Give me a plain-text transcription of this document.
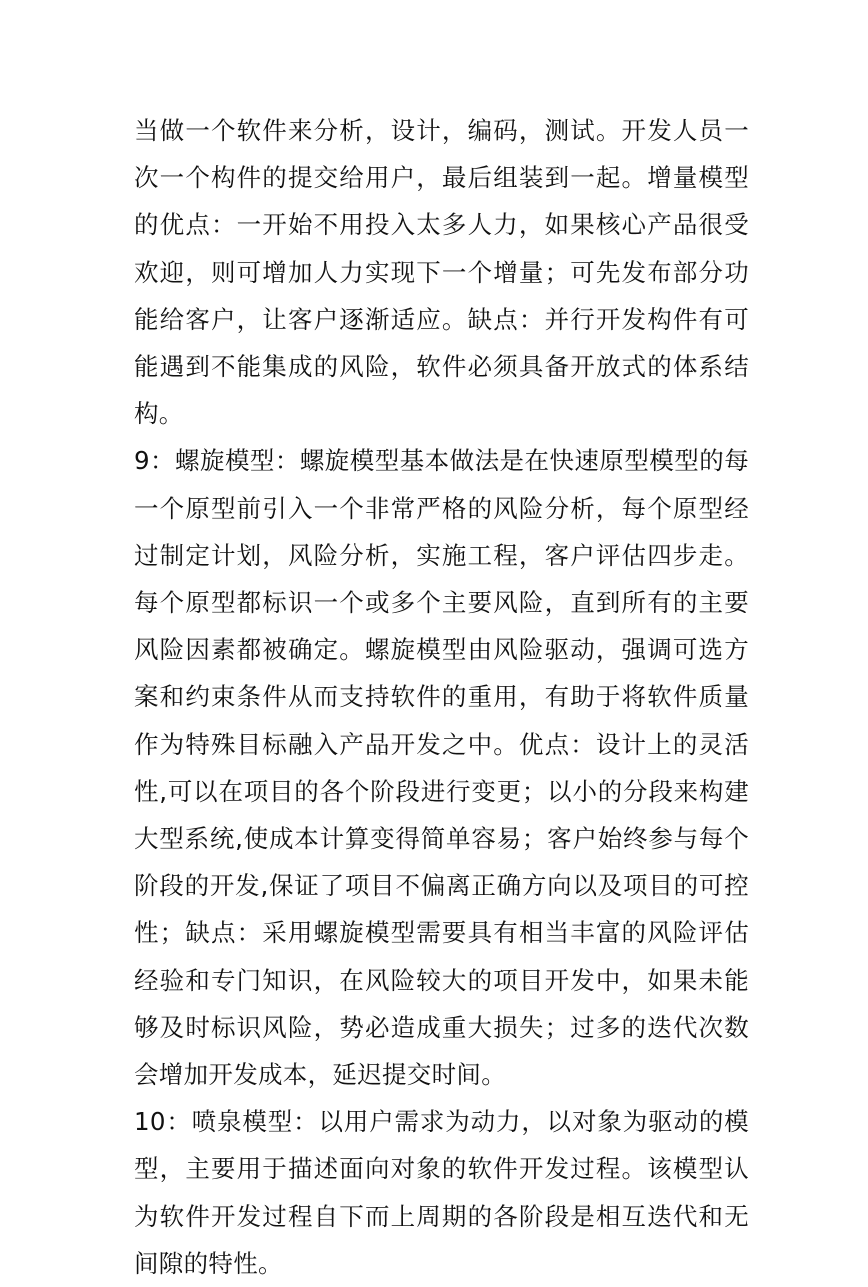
当做一个软件来分析，设计，编码，测试。开发人员一次一个构件的提交给用户，最后组装到一起。增量模型的优点：一开始不用投入太多人力，如果核心产品很受欢迎，则可增加人力实现下一个增量；可先发布部分功能给客户，让客户逐渐适应。缺点：并行开发构件有可能遇到不能集成的风险，软件必须具备开放式的体系结构。

9：螺旋模型：螺旋模型基本做法是在快速原型模型的每一个原型前引入一个非常严格的风险分析，每个原型经过制定计划，风险分析，实施工程，客户评估四步走。每个原型都标识一个或多个主要风险，直到所有的主要风险因素都被确定。螺旋模型由风险驱动，强调可选方案和约束条件从而支持软件的重用，有助于将软件质量作为特殊目标融入产品开发之中。优点：设计上的灵活性,可以在项目的各个阶段进行变更；以小的分段来构建大型系统,使成本计算变得简单容易；客户始终参与每个阶段的开发,保证了项目不偏离正确方向以及项目的可控性；缺点：采用螺旋模型需要具有相当丰富的风险评估经验和专门知识，在风险较大的项目开发中，如果未能够及时标识风险，势必造成重大损失；过多的迭代次数会增加开发成本，延迟提交时间。

10：喷泉模型：以用户需求为动力，以对象为驱动的模型，主要用于描述面向对象的软件开发过程。该模型认为软件开发过程自下而上周期的各阶段是相互迭代和无间隙的特性。
